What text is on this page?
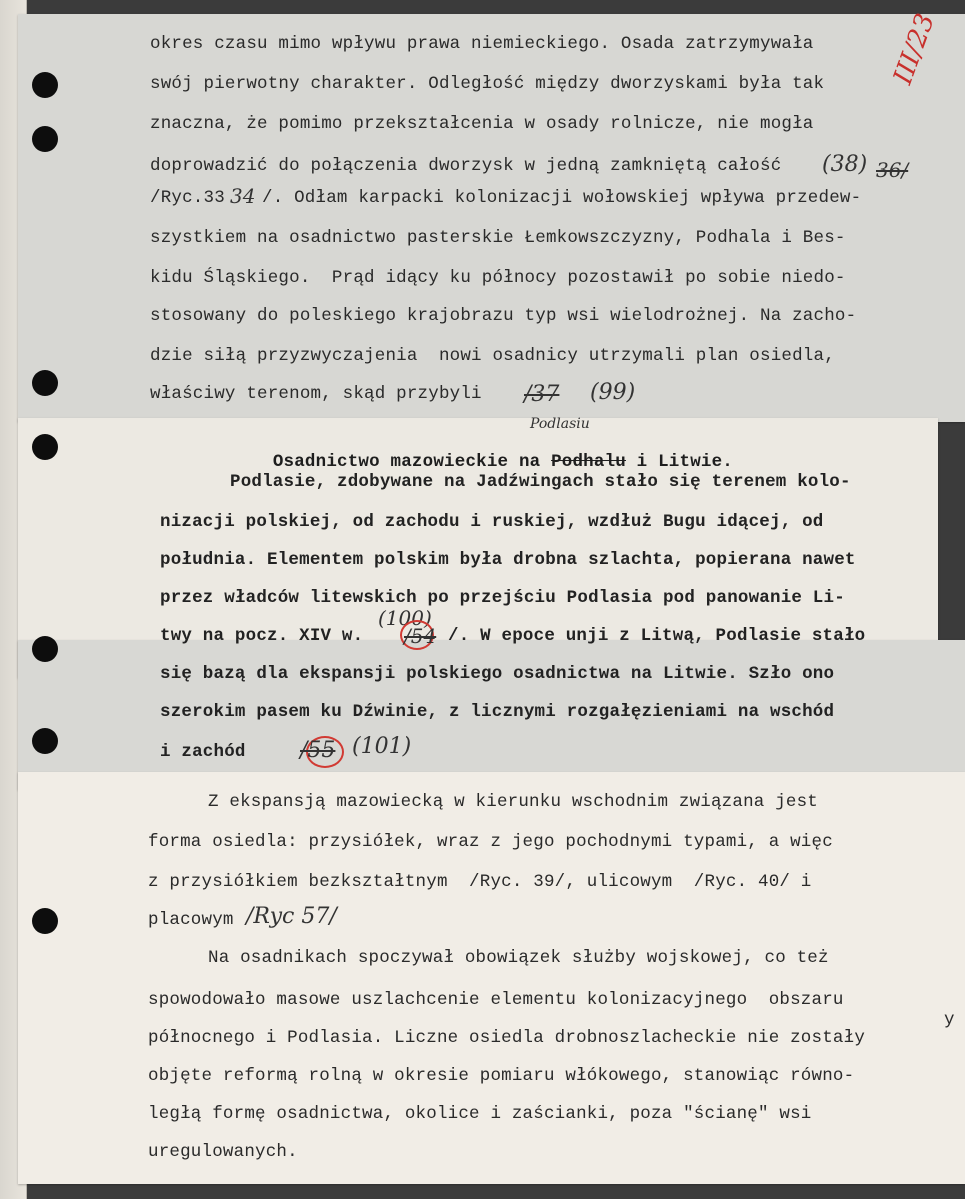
okres czasu mimo wpływu prawa niemieckiego. Osada zatrzymywała
swój pierwotny charakter. Odległość między dworzyskami była tak
znaczna, że pomimo przekształcenia w osady rolnicze, nie mogła
doprowadzić do połączenia dworzysk w jedną zamkniętą całość
/Ryc.33 34 /. Odłam karpacki kolonizacji wołowskiej wpływa przedew-
szystkiem na osadnictwo pasterskie Łemkowszczyzny, Podhala i Bes-
kidu Śląskiego.  Prąd idący ku północy pozostawił po sobie niedo-
stosowany do poleskiego krajobrazu typ wsi wielodrożnej. Na zacho-
dzie siłą przyzwyczajenia  nowi osadnicy utrzymali plan osiedla,
właściwy terenom, skąd przybyli
(38) 36/
III/23
/37 (99)

Osadnictwo mazowieckie na Podhalu i Litwie.

Podlasiu
Podlasie, zdobywane na Jadźwingach stało się terenem kolo-
nizacji polskiej, od zachodu i ruskiej, wzdłuż Bugu idącej, od
południa. Elementem polskim była drobna szlachta, popierana nawet
przez władców litewskich po przejściu Podlasia pod panowanie Li-
twy na pocz. XIV w.
(100)
/54 /. W epoce unji z Litwą, Podlasie stało
się bazą dla ekspansji polskiego osadnictwa na Litwie. Szło ono
szerokim pasem ku Dźwinie, z licznymi rozgałęzieniami na wschód
i zachód /55 (101)
Z ekspansją mazowiecką w kierunku wschodnim związana jest
forma osiedla: przysiółek, wraz z jego pochodnymi typami, a więc
z przysiółkiem bezkształtnym  /Ryc. 39/, ulicowym  /Ryc. 40/ i
placowym /Ryc 57/
Na osadnikach spoczywał obowiązek służby wojskowej, co też
spowodowało masowe uszlachcenie elementu kolonizacyjnego  obszaru
północnego i Podlasia. Liczne osiedla drobnoszlacheckie nie zostały
objęte reformą rolną w okresie pomiaru włókowego, stanowiąc równo-
ległą formę osadnictwa, okolice i zaścianki, poza "ścianę" wsi
uregulowanych.
y
